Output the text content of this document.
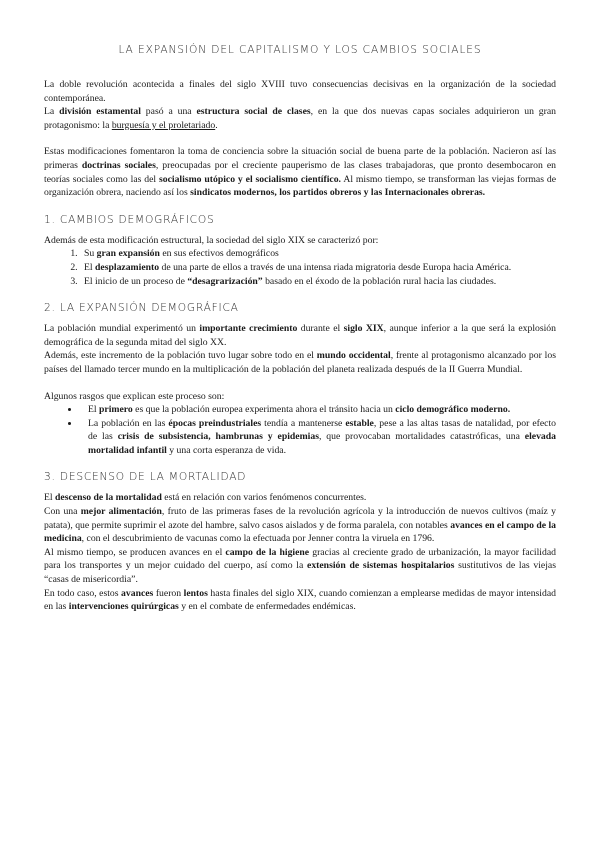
LA EXPANSIÓN DEL CAPITALISMO Y LOS CAMBIOS SOCIALES

La doble revolución acontecida a finales del siglo XVIII tuvo consecuencias decisivas en la organización de la sociedad contemporánea.

La división estamental pasó a una estructura social de clases, en la que dos nuevas capas sociales adquirieron un gran protagonismo: la burguesía y el proletariado.

Estas modificaciones fomentaron la toma de conciencia sobre la situación social de buena parte de la población. Nacieron así las primeras doctrinas sociales, preocupadas por el creciente pauperismo de las clases trabajadoras, que pronto desembocaron en teorías sociales como las del socialismo utópico y el socialismo científico. Al mismo tiempo, se transforman las viejas formas de organización obrera, naciendo así los sindicatos modernos, los partidos obreros y las Internacionales obreras.

1. CAMBIOS DEMOGRÁFICOS

Además de esta modificación estructural, la sociedad del siglo XIX se caracterizó por:

1. Su gran expansión en sus efectivos demográficos
2. El desplazamiento de una parte de ellos a través de una intensa riada migratoria desde Europa hacia América.
3. El inicio de un proceso de “desagrarización” basado en el éxodo de la población rural hacia las ciudades.
2. LA EXPANSIÓN DEMOGRÁFICA

La población mundial experimentó un importante crecimiento durante el siglo XIX, aunque inferior a la que será la explosión demográfica de la segunda mitad del siglo XX.

Además, este incremento de la población tuvo lugar sobre todo en el mundo occidental, frente al protagonismo alcanzado por los países del llamado tercer mundo en la multiplicación de la población del planeta realizada después de la II Guerra Mundial.

Algunos rasgos que explican este proceso son:

• El primero es que la población europea experimenta ahora el tránsito hacia un ciclo demográfico moderno.
• La población en las épocas preindustriales tendía a mantenerse estable, pese a las altas tasas de natalidad, por efecto de las crisis de subsistencia, hambrunas y epidemias, que provocaban mortalidades catastróficas, una elevada mortalidad infantil y una corta esperanza de vida.
3. DESCENSO DE LA MORTALIDAD

El descenso de la mortalidad está en relación con varios fenómenos concurrentes.

Con una mejor alimentación, fruto de las primeras fases de la revolución agrícola y la introducción de nuevos cultivos (maíz y patata), que permite suprimir el azote del hambre, salvo casos aislados y de forma paralela, con notables avances en el campo de la medicina, con el descubrimiento de vacunas como la efectuada por Jenner contra la viruela en 1796.

Al mismo tiempo, se producen avances en el campo de la higiene gracias al creciente grado de urbanización, la mayor facilidad para los transportes y un mejor cuidado del cuerpo, así como la extensión de sistemas hospitalarios sustitutivos de las viejas “casas de misericordia”.

En todo caso, estos avances fueron lentos hasta finales del siglo XIX, cuando comienzan a emplearse medidas de mayor intensidad en las intervenciones quirúrgicas y en el combate de enfermedades endémicas.
